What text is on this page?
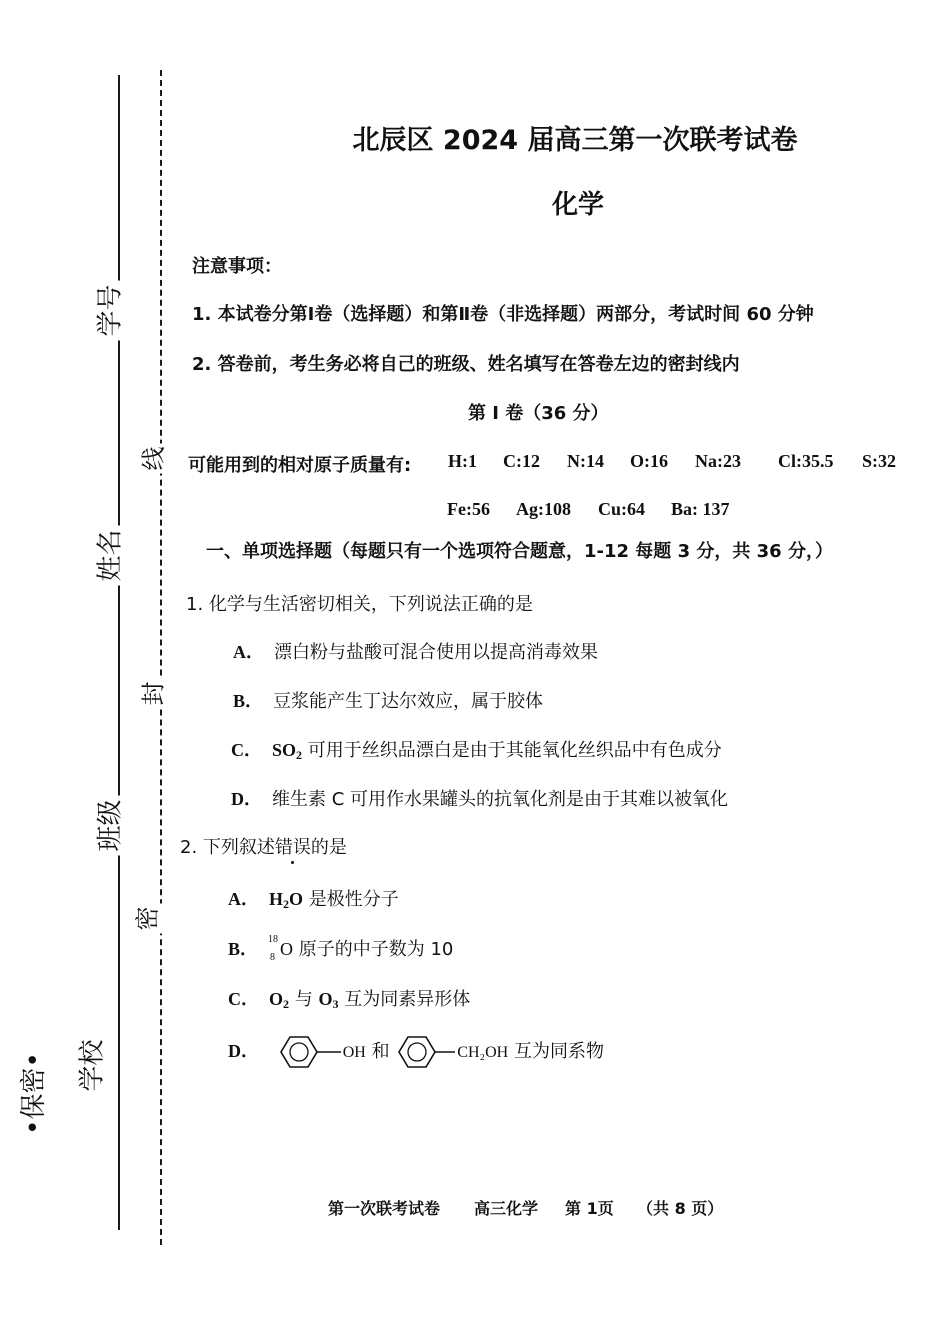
学号
姓名
班级
学校
线
封
密
•保密•
北辰区 2024 届高三第一次联考试卷
化学
注意事项：
1. 本试卷分第Ⅰ卷（选择题）和第Ⅱ卷（非选择题）两部分，考试时间 60 分钟
2. 答卷前，考生务必将自己的班级、姓名填写在答卷左边的密封线内
第 Ⅰ 卷（36 分）
可能用到的相对原子质量有: H:1 C:12 N:14 O:16 Na:23 Cl:35.5 S:32
Fe:56 Ag:108 Cu:64 Ba: 137
一、单项选择题（每题只有一个选项符合题意，1-12 每题 3 分，共 36 分，）
1. 化学与生活密切相关，下列说法正确的是
A． 漂白粉与盐酸可混合使用以提高消毒效果
B． 豆浆能产生丁达尔效应，属于胶体
C． $SO_2$ 可用于丝织品漂白是由于其能氧化丝织品中有色成分
D． 维生素 C 可用作水果罐头的抗氧化剂是由于其难以被氧化
2. 下列叙述错误的是
A． $H_2O$ 是极性分子
B． 18
8 O 原子的中子数为 10
C． $O_2$ 与 $O_3$ 互为同素异形体
D．	OH 和	CH₂OH 互为同系物
第一次联考试卷 高三化学 第 1页 （共 8 页）
